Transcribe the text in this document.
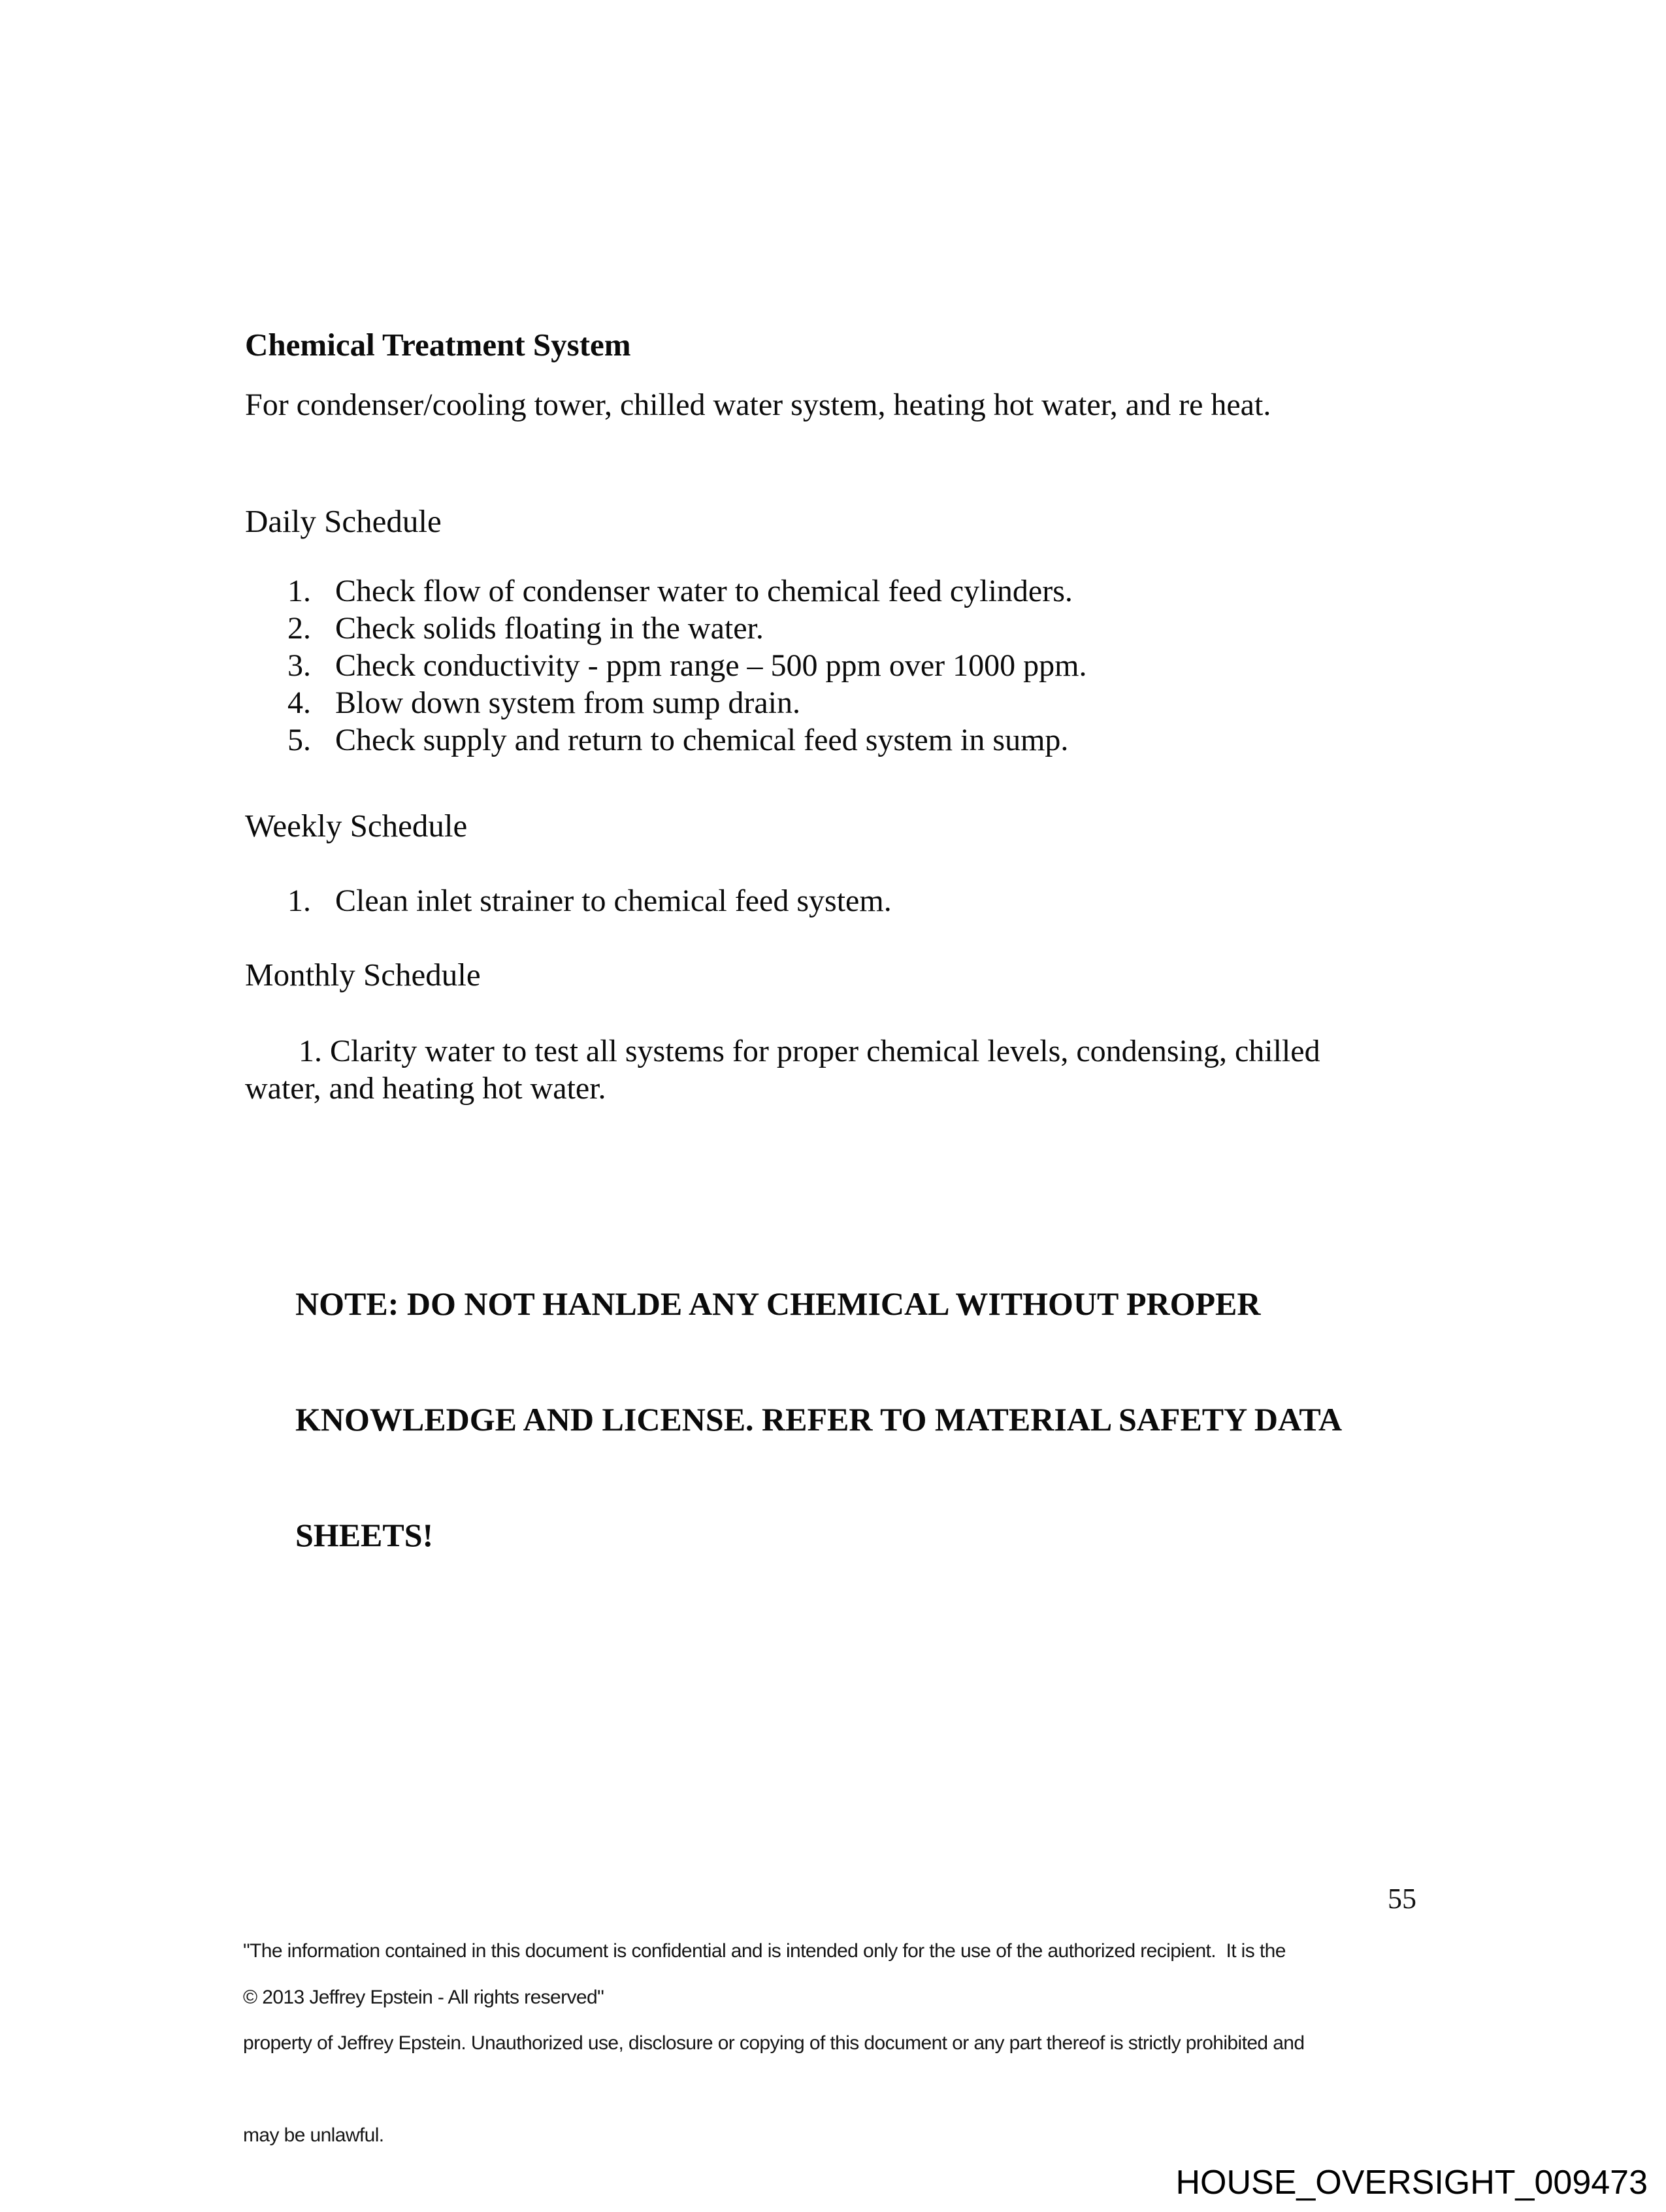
Chemical Treatment System

For condenser/cooling tower, chilled water system, heating hot water, and re heat.

Daily Schedule
1. Check flow of condenser water to chemical feed cylinders.
2. Check solids floating in the water.
3. Check conductivity - ppm range – 500 ppm over 1000 ppm.
4. Blow down system from sump drain.
5. Check supply and return to chemical feed system in sump.
Weekly Schedule
1. Clean inlet strainer to chemical feed system.
Monthly Schedule

1. Clarity water to test all systems for proper chemical levels, condensing, chilled
water, and heating hot water.

NOTE: DO NOT HANLDE ANY CHEMICAL WITHOUT PROPER

KNOWLEDGE AND LICENSE. REFER TO MATERIAL SAFETY DATA

SHEETS!

"The information contained in this document is confidential and is intended only for the use of the authorized recipient.  It is the

property of Jeffrey Epstein. Unauthorized use, disclosure or copying of this document or any part thereof is strictly prohibited and

may be unlawful.

55
© 2013 Jeffrey Epstein - All rights reserved"
HOUSE_OVERSIGHT_009473
